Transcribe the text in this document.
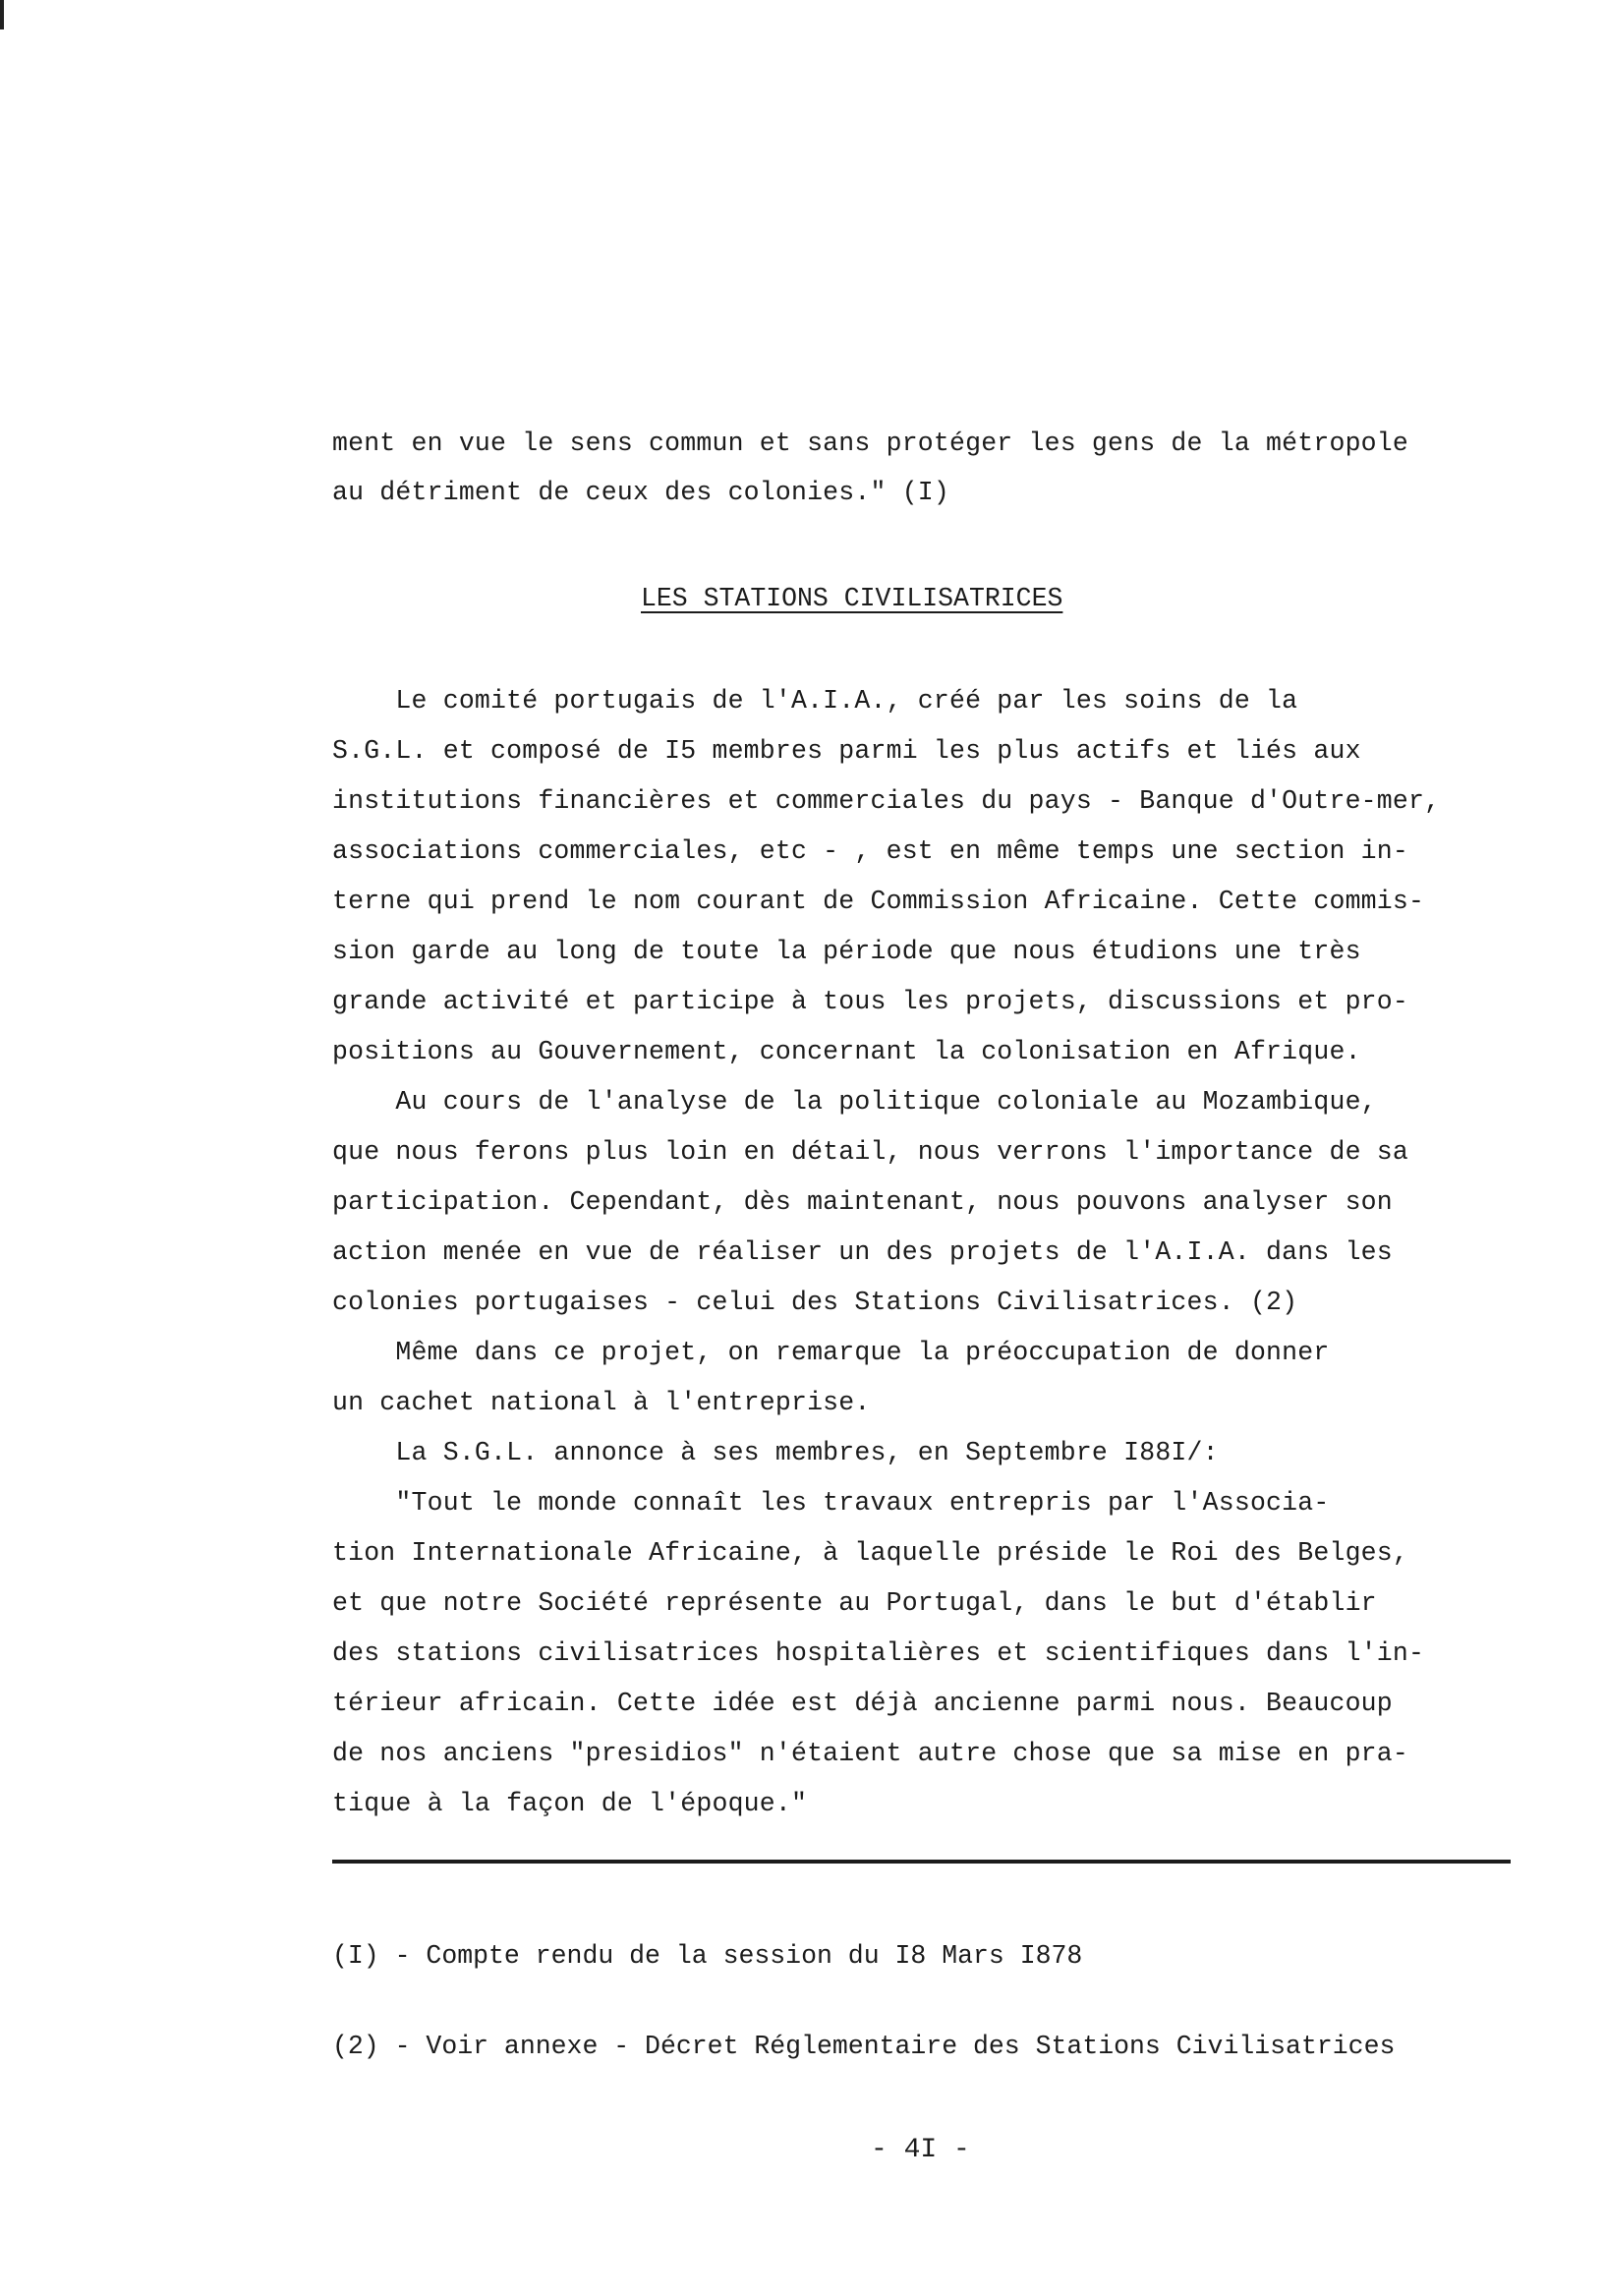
ment en vue le sens commun et sans protéger les gens de la métropole

au détriment de ceux des colonies." (I)

LES STATIONS CIVILISATRICES

Le comité portugais de l'A.I.A., créé par les soins de la

S.G.L. et composé de I5 membres parmi les plus actifs et liés aux

institutions financières et commerciales du pays - Banque d'Outre-mer,

associations commerciales, etc - , est en même temps une section in-

terne qui prend le nom courant de Commission Africaine. Cette commis-

sion garde au long de toute la période que nous étudions une très

grande activité et participe à tous les projets, discussions et pro-

positions au Gouvernement, concernant la colonisation en Afrique.

Au cours de l'analyse de la politique coloniale au Mozambique,

que nous ferons plus loin en détail, nous verrons l'importance de sa

participation. Cependant, dès maintenant, nous pouvons analyser son

action menée en vue de réaliser un des projets de l'A.I.A. dans les

colonies portugaises - celui des Stations Civilisatrices. (2)

Même dans ce projet, on remarque la préoccupation de donner

un cachet national à l'entreprise.

La S.G.L. annonce à ses membres, en Septembre I88I/:

"Tout le monde connaît les travaux entrepris par l'Associa-

tion Internationale Africaine, à laquelle préside le Roi des Belges,

et que notre Société représente au Portugal, dans le but d'établir

des stations civilisatrices hospitalières et scientifiques dans l'in-

térieur africain. Cette idée est déjà ancienne parmi nous. Beaucoup

de nos anciens "presidios" n'étaient autre chose que sa mise en pra-

tique à la façon de l'époque."

(I) - Compte rendu de la session du I8 Mars I878

(2) - Voir annexe - Décret Réglementaire des Stations Civilisatrices

- 4I -
